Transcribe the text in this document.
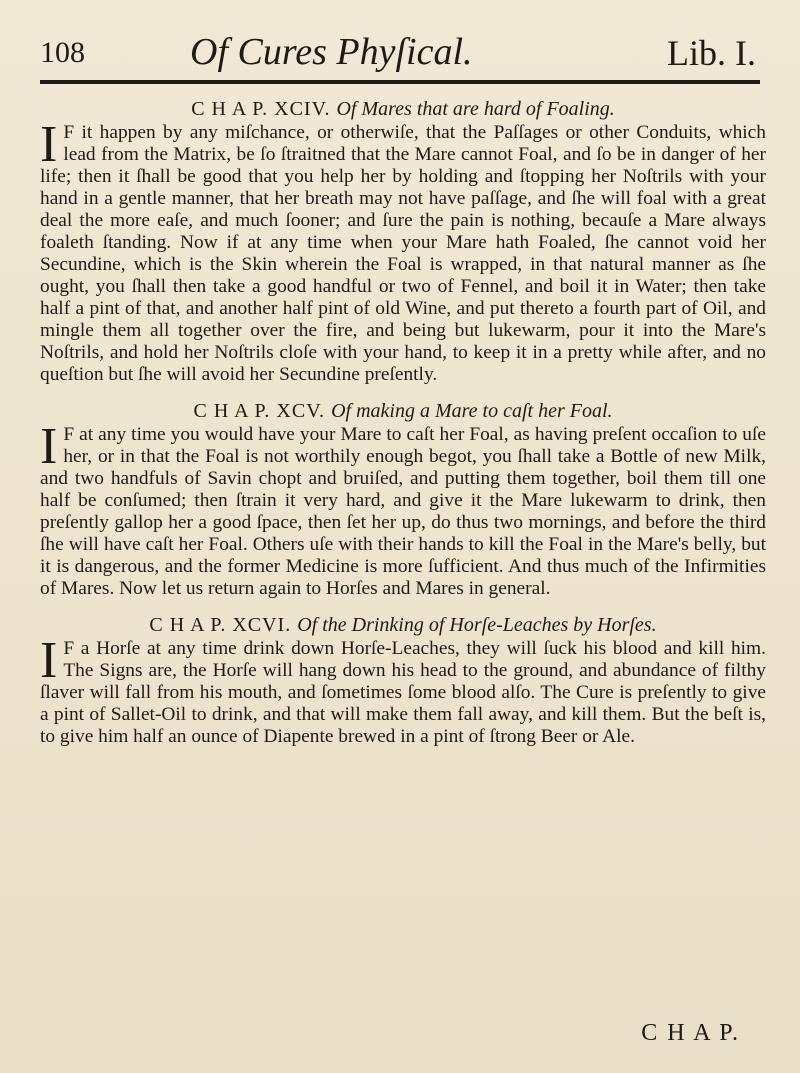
108	Of Cures Phyſical.	Lib. I.
C H A P. XCIV. Of Mares that are hard of Foaling.

I F it happen by any miſchance, or otherwiſe, that the Paſſages or other Conduits, which lead from the Matrix, be ſo ſtraitned that the Mare cannot Foal, and ſo be in danger of her life; then it ſhall be good that you help her by holding and ſtopping her Noſtrils with your hand in a gentle manner, that her breath may not have paſſage, and ſhe will foal with a great deal the more eaſe, and much ſooner; and ſure the pain is nothing, becauſe a Mare always foaleth ſtanding. Now if at any time when your Mare hath Foaled, ſhe cannot void her Secundine, which is the Skin wherein the Foal is wrapped, in that natural manner as ſhe ought, you ſhall then take a good handful or two of Fennel, and boil it in Water; then take half a pint of that, and another half pint of old Wine, and put thereto a fourth part of Oil, and mingle them all together over the fire, and being but lukewarm, pour it into the Mare's Noſtrils, and hold her Noſtrils cloſe with your hand, to keep it in a pretty while after, and no queſtion but ſhe will avoid her Secundine preſently.

C H A P. XCV. Of making a Mare to caſt her Foal.

I F at any time you would have your Mare to caſt her Foal, as having preſent occaſion to uſe her, or in that the Foal is not worthily enough begot, you ſhall take a Bottle of new Milk, and two handfuls of Savin chopt and bruiſed, and putting them together, boil them till one half be conſumed; then ſtrain it very hard, and give it the Mare lukewarm to drink, then preſently gallop her a good ſpace, then ſet her up, do thus two mornings, and before the third ſhe will have caſt her Foal. Others uſe with their hands to kill the Foal in the Mare's belly, but it is dangerous, and the former Medicine is more ſufficient. And thus much of the Infirmities of Mares. Now let us return again to Horſes and Mares in general.

C H A P. XCVI. Of the Drinking of Horſe-Leaches by Horſes.

I F a Horſe at any time drink down Horſe-Leaches, they will ſuck his blood and kill him. The Signs are, the Horſe will hang down his head to the ground, and abundance of filthy ſlaver will fall from his mouth, and ſometimes ſome blood alſo. The Cure is preſently to give a pint of Sallet-Oil to drink, and that will make them fall away, and kill them. But the beſt is, to give him half an ounce of Diapente brewed in a pint of ſtrong Beer or Ale.

C H A P.
